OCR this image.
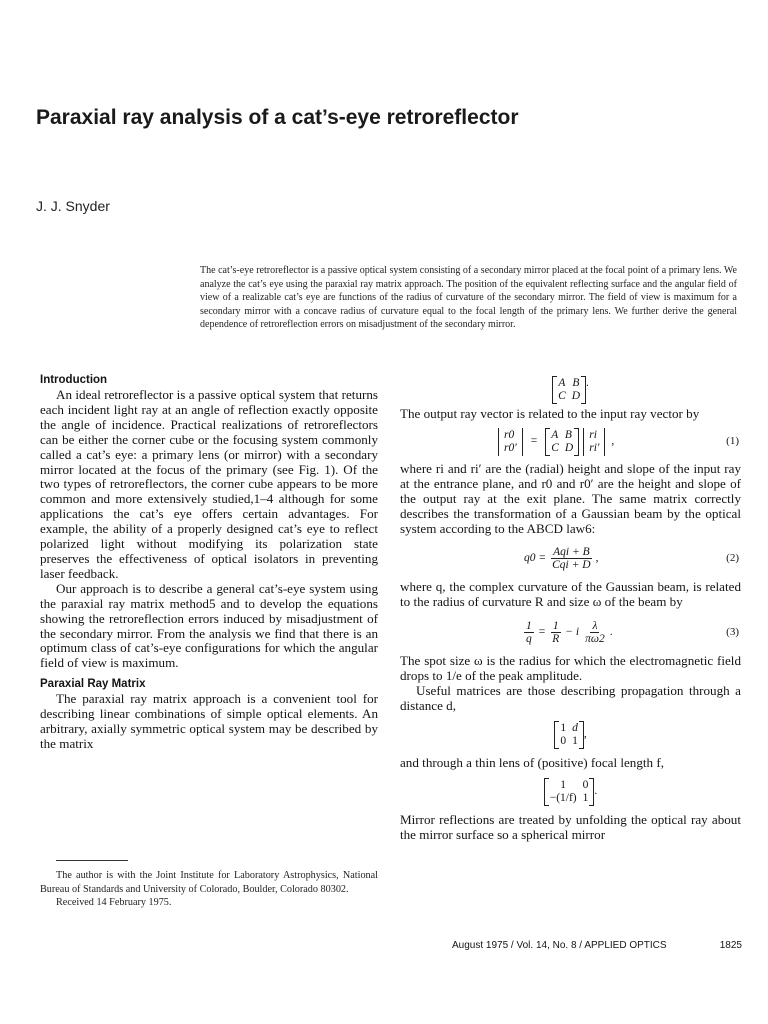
Paraxial ray analysis of a cat’s-eye retroreflector
J. J. Snyder

The cat’s-eye retroreflector is a passive optical system consisting of a secondary mirror placed at the focal point of a primary lens. We analyze the cat’s eye using the paraxial ray matrix approach. The position of the equivalent reflecting surface and the angular field of view of a realizable cat’s eye are functions of the radius of curvature of the secondary mirror. The field of view is maximum for a secondary mirror with a concave radius of curvature equal to the focal length of the primary lens. We further derive the general dependence of retroreflection errors on misadjustment of the secondary mirror.

Introduction

An ideal retroreflector is a passive optical system that returns each incident light ray at an angle of reflection exactly opposite the angle of incidence. Practical realizations of retroreflectors can be either the corner cube or the focusing system commonly called a cat’s eye: a primary lens (or mirror) with a secondary mirror located at the focus of the primary (see Fig. 1). Of the two types of retroreflectors, the corner cube appears to be more common and more extensively studied,1–4 although for some applications the cat’s eye offers certain advantages. For example, the ability of a properly designed cat’s eye to reflect polarized light without modifying its polarization state preserves the effectiveness of optical isolators in preventing laser feedback.

Our approach is to describe a general cat’s-eye system using the paraxial ray matrix method5 and to develop the equations showing the retroreflection errors induced by misadjustment of the secondary mirror. From the analysis we find that there is an optimum class of cat’s-eye configurations for which the angular field of view is maximum.

Paraxial Ray Matrix

The paraxial ray matrix approach is a convenient tool for describing linear combinations of simple optical elements. An arbitrary, axially symmetric optical system may be described by the matrix

A B
C D
.

The output ray vector is related to the input ray vector by

r0
r0′
=
A B
C D
ri
ri′
,	(1)

where ri and ri′ are the (radial) height and slope of the input ray at the entrance plane, and r0 and r0′ are the height and slope of the output ray at the exit plane. The same matrix correctly describes the transformation of a Gaussian beam by the optical system according to the ABCD law6:

$q0 = \frac{\text{Aqi + B}}{\text{Cqi + D}}$ ,	(2)

where q, the complex curvature of the Gaussian beam, is related to the radius of curvature R and size ω of the beam by

$\frac{1}{q} = \frac{1}{R} - i \frac{\lambda}{\pi\omega 2}$ .	(3)

The spot size ω is the radius for which the electromagnetic field drops to 1/e of the peak amplitude.

Useful matrices are those describing propagation through a distance d,

1 d
0 1
,

and through a thin lens of (positive) focal length f,

1	0
−(1/f) 1
.

Mirror reflections are treated by unfolding the optical ray about the mirror surface so a spherical mirror

The author is with the Joint Institute for Laboratory Astrophysics, National Bureau of Standards and University of Colorado, Boulder, Colorado 80302.

Received 14 February 1975.

August 1975 / Vol. 14, No. 8 / APPLIED OPTICS	1825
